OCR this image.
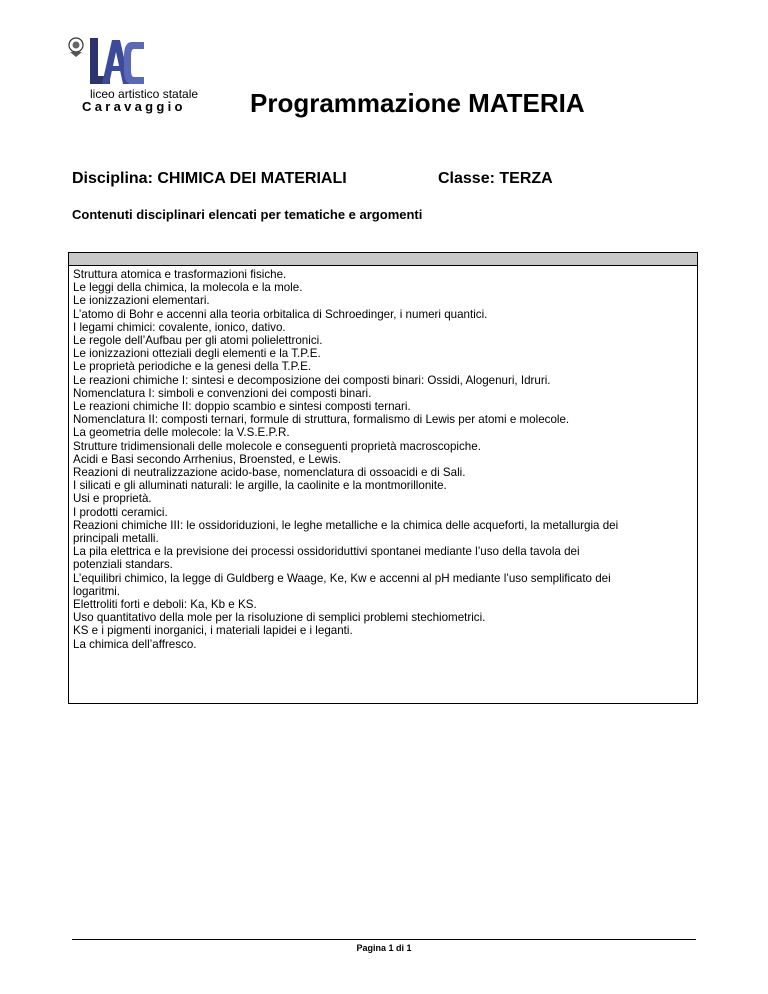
liceo artistico statale
Caravaggio Programmazione MATERIA
Disciplina: CHIMICA DEI MATERIALI	Classe: TERZA
Contenuti disciplinari elencati per tematiche e argomenti
Struttura atomica e trasformazioni fisiche.
Le leggi della chimica, la molecola e la mole.
Le ionizzazioni elementari.
L’atomo di Bohr e accenni alla teoria orbitalica di Schroedinger, i numeri quantici.
I legami chimici: covalente, ionico, dativo.
Le regole dell’Aufbau per gli atomi polielettronici.
Le ionizzazioni otteziali degli elementi e la T.P.E.
Le proprietà periodiche e la genesi della T.P.E.
Le reazioni chimiche I: sintesi e decomposizione dei composti binari: Ossidi, Alogenuri, Idruri.
Nomenclatura I: simboli e convenzioni dei composti binari.
Le reazioni chimiche II: doppio scambio e sintesi composti ternari.
Nomenclatura II: composti ternari, formule di struttura, formalismo di Lewis per atomi e molecole.
La geometria delle molecole: la V.S.E.P.R.
Strutture tridimensionali delle molecole e conseguenti proprietà macroscopiche.
Acidi e Basi secondo Arrhenius, Broensted, e Lewis.
Reazioni di neutralizzazione acido-base, nomenclatura di ossoacidi e di Sali.
I silicati e gli alluminati naturali: le argille, la caolinite e la montmorillonite.
Usi e proprietà.
I prodotti ceramici.
Reazioni chimiche III: le ossidoriduzioni, le leghe metalliche e la chimica delle acqueforti, la metallurgia dei
principali metalli.
La pila elettrica e la previsione dei processi ossidoriduttivi spontanei mediante l’uso della tavola dei
potenziali standars.
L’equilibri chimico, la legge di Guldberg e Waage, Ke, Kw e accenni al pH mediante l’uso semplificato dei
logaritmi.
Elettroliti forti e deboli: Ka, Kb e KS.
Uso quantitativo della mole per la risoluzione di semplici problemi stechiometrici.
KS e i pigmenti inorganici, i materiali lapidei e i leganti.
La chimica dell’affresco.
Pagina 1 di 1
